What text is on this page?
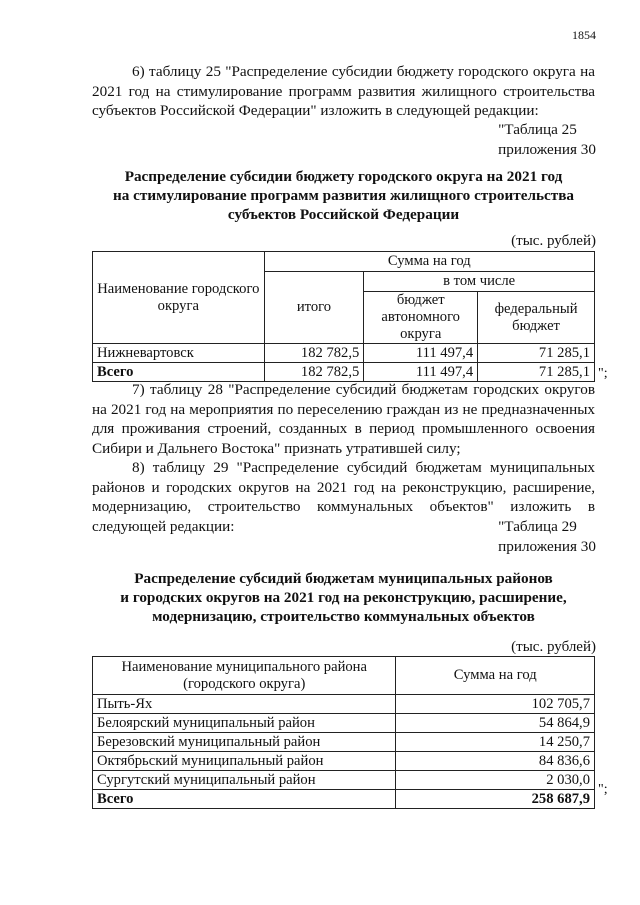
1854

6) таблицу 25 "Распределение субсидии бюджету городского округа на 2021 год на стимулирование программ развития жилищного строительства субъектов Российской Федерации" изложить в следующей редакции:

"Таблица 25
приложения 30
Распределение субсидии бюджету городского округа на 2021 год
на стимулирование программ развития жилищного строительства
субъектов Российской Федерации
(тыс. рублей)
Наименование городского округа	Сумма на год		
	итого	в том числе	
		бюджет автономного округа	федеральный бюджет
Нижневартовск	182 782,5	111 497,4	71 285,1
Всего	182 782,5	111 497,4	71 285,1 ";

7) таблицу 28 "Распределение субсидий бюджетам городских округов на 2021 год на мероприятия по переселению граждан из не предназначенных для проживания строений, созданных в период промышленного освоения Сибири и Дальнего Востока" признать утратившей силу;

8) таблицу 29 "Распределение субсидий бюджетам муниципальных районов и городских округов на 2021 год на реконструкцию, расширение, модернизацию, строительство коммунальных объектов" изложить в следующей редакции:	"Таблица 29
приложения 30
Распределение субсидий бюджетам муниципальных районов
и городских округов на 2021 год на реконструкцию, расширение,
модернизацию, строительство коммунальных объектов
(тыс. рублей)
Наименование муниципального района (городского округа)	Сумма на год
Пыть-Ях	102 705,7
Белоярский муниципальный район	54 864,9
Березовский муниципальный район	14 250,7
Октябрьский муниципальный район	84 836,6
Сургутский муниципальный район	2 030,0
Всего	258 687,9
";
